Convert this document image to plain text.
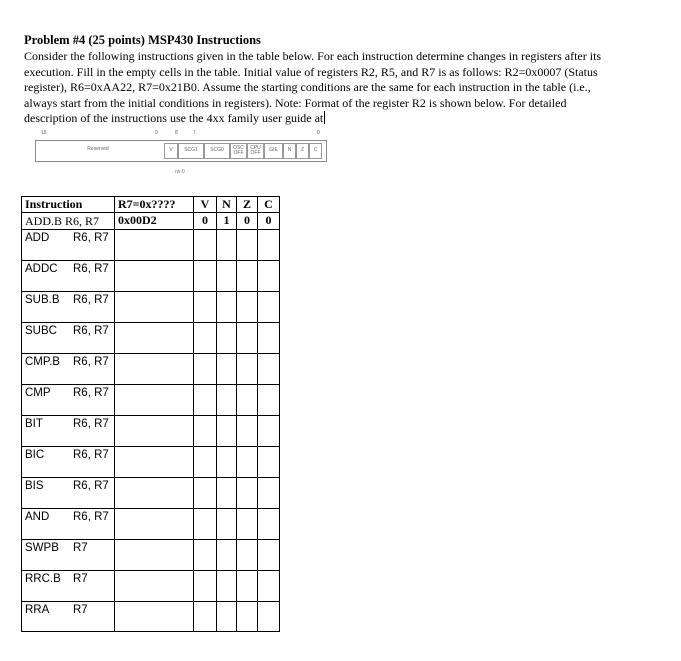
Problem #4 (25 points) MSP430 Instructions
Consider the following instructions given in the table below. For each instruction determine changes in registers after its
execution. Fill in the empty cells in the table. Initial value of registers R2, R5, and R7 is as follows: R2=0x0007 (Status
register), R6=0xAA22, R7=0x21B0. Assume the starting conditions are the same for each instruction in the table (i.e.,
always start from the initial conditions in registers). Note: Format of the register R2 is shown below. For detailed
description of the instructions use the 4xx family user guide at
15	9	8	7	0
Reserved	V	SCG1	SCG0	OSC OFF
CPU OFF	GIE	N	Z	C
rw-0
Instruction	R7=0x????	V	N	Z	C

ADD.B R6, R7	0x00D2	0	1	0	0

ADD R6, R7					

ADDC R6, R7					

SUB.B R6, R7					

SUBC R6, R7					

CMP.B R6, R7					

CMP R6, R7					

BIT R6, R7					

BIC R6, R7					

BIS R6, R7					

AND R6, R7					

SWPB R7					

RRC.B R7					

RRA R7					
